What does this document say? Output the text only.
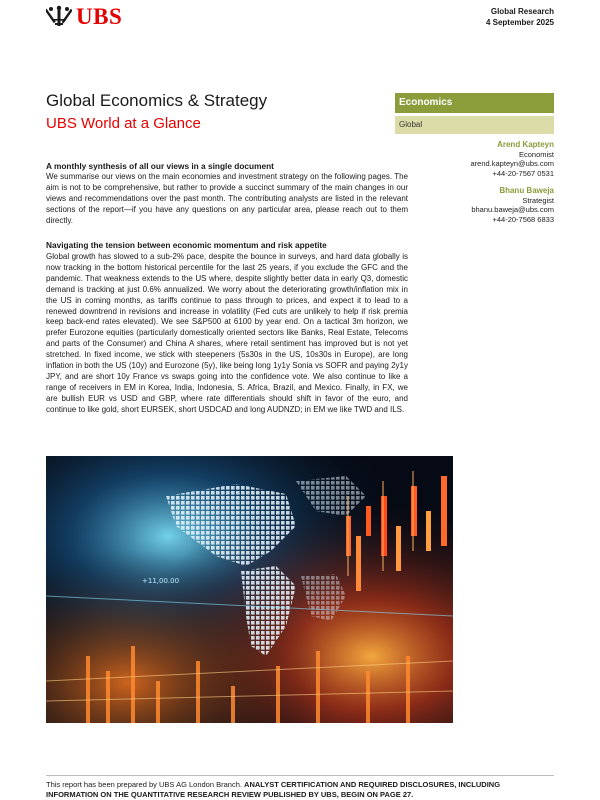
UBS	Global Research
4 September 2025
Global Economics & Strategy
UBS World at a Glance
Economics
Global
Arend Kapteyn
Economist
arend.kapteyn@ubs.com
+44-20-7567 0531
Bhanu Baweja
Strategist
bhanu.baweja@ubs.com
+44-20-7568 6833
A monthly synthesis of all our views in a single document
We summarise our views on the main economies and investment strategy on the following pages. The aim is not to be comprehensive, but rather to provide a succinct summary of the main changes in our views and recommendations over the past month. The contributing analysts are listed in the relevant sections of the report—if you have any questions on any particular area, please reach out to them directly.
Navigating the tension between economic momentum and risk appetite
Global growth has slowed to a sub-2% pace, despite the bounce in surveys, and hard data globally is now tracking in the bottom historical percentile for the last 25 years, if you exclude the GFC and the pandemic. That weakness extends to the US where, despite slightly better data in early Q3, domestic demand is tracking at just 0.6% annualized. We worry about the deteriorating growth/inflation mix in the US in coming months, as tariffs continue to pass through to prices, and expect it to lead to a renewed downtrend in revisions and increase in volatility (Fed cuts are unlikely to help if risk premia keep back-end rates elevated). We see S&P500 at 6100 by year end. On a tactical 3m horizon, we prefer Eurozone equities (particularly domestically oriented sectors like Banks, Real Estate, Telecoms and parts of the Consumer) and China A shares, where retail sentiment has improved but is not yet stretched. In fixed income, we stick with steepeners (5s30s in the US, 10s30s in Europe), are long inflation in both the US (10y) and Eurozone (5y), like being long 1y1y Sonia vs SOFR and paying 2y1y JPY, and are short 10y France vs swaps going into the confidence vote. We also continue to like a range of receivers in EM in Korea, India, Indonesia, S. Africa, Brazil, and Mexico. Finally, in FX, we are bullish EUR vs USD and GBP, where rate differentials should shift in favor of the euro, and continue to like gold, short EURSEK, short USDCAD and long AUDNZD; in EM we like TWD and ILS.
+11,00.00
This report has been prepared by UBS AG London Branch. ANALYST CERTIFICATION AND REQUIRED DISCLOSURES, INCLUDING INFORMATION ON THE QUANTITATIVE RESEARCH REVIEW PUBLISHED BY UBS, BEGIN ON PAGE 27.
